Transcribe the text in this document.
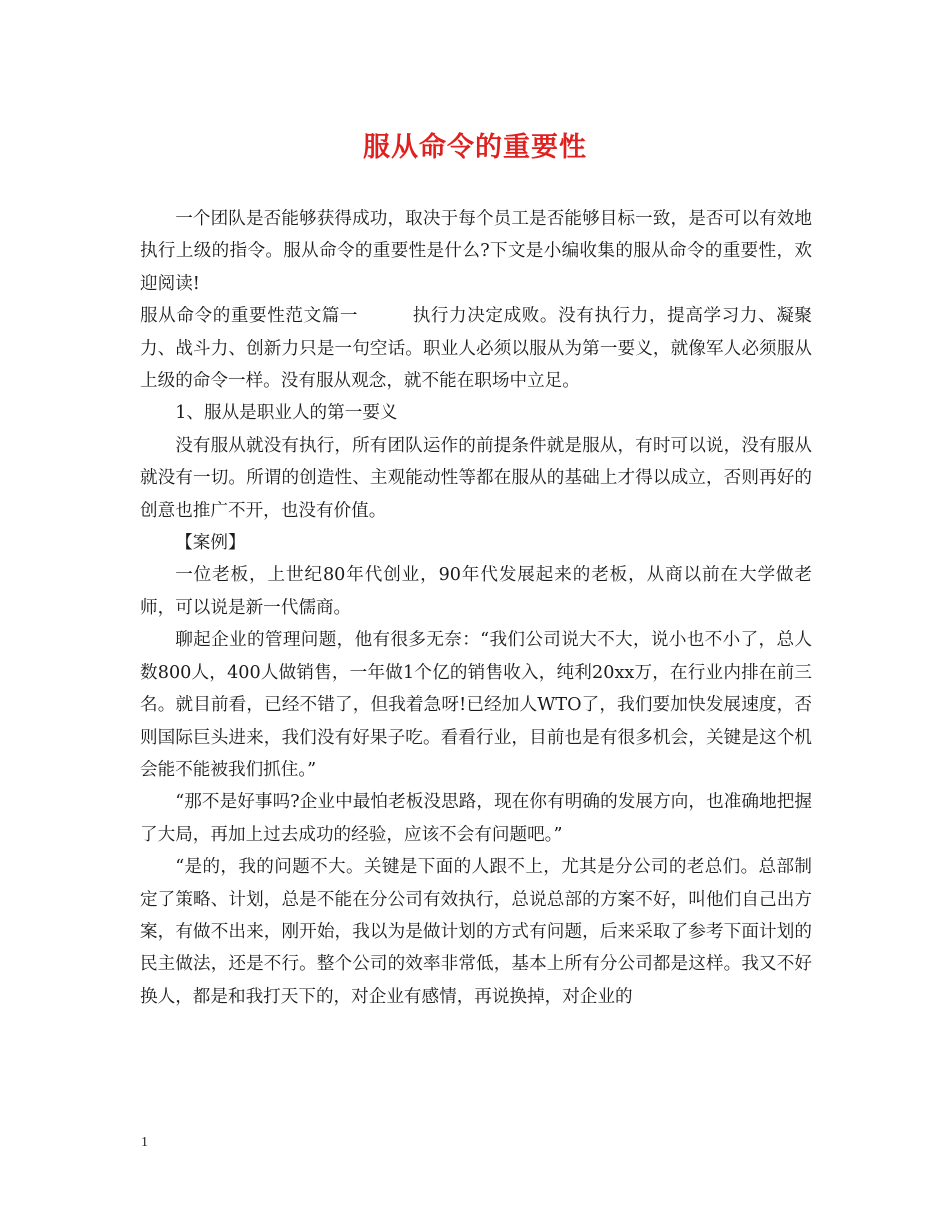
服从命令的重要性

一个团队是否能够获得成功，取决于每个员工是否能够目标一致，是否可以有效地执行上级的指令。服从命令的重要性是什么?下文是小编收集的服从命令的重要性，欢迎阅读!

服从命令的重要性范文篇一	执行力决定成败。没有执行力，提高学习力、凝聚力、战斗力、创新力只是一句空话。职业人必须以服从为第一要义，就像军人必须服从上级的命令一样。没有服从观念，就不能在职场中立足。

1、服从是职业人的第一要义

没有服从就没有执行，所有团队运作的前提条件就是服从，有时可以说，没有服从就没有一切。所谓的创造性、主观能动性等都在服从的基础上才得以成立，否则再好的创意也推广不开，也没有价值。

【案例】

一位老板，上世纪80年代创业，90年代发展起来的老板，从商以前在大学做老师，可以说是新一代儒商。

聊起企业的管理问题，他有很多无奈：“我们公司说大不大，说小也不小了，总人数800人，400人做销售，一年做1个亿的销售收入，纯利20xx万，在行业内排在前三名。就目前看，已经不错了，但我着急呀!已经加人WTO了，我们要加快发展速度，否则国际巨头进来，我们没有好果子吃。看看行业，目前也是有很多机会，关键是这个机会能不能被我们抓住。”

“那不是好事吗?企业中最怕老板没思路，现在你有明确的发展方向，也准确地把握了大局，再加上过去成功的经验，应该不会有问题吧。”

“是的，我的问题不大。关键是下面的人跟不上，尤其是分公司的老总们。总部制定了策略、计划，总是不能在分公司有效执行，总说总部的方案不好，叫他们自己出方案，有做不出来，刚开始，我以为是做计划的方式有问题，后来采取了参考下面计划的民主做法，还是不行。整个公司的效率非常低，基本上所有分公司都是这样。我又不好换人，都是和我打天下的，对企业有感情，再说换掉，对企业的

1
